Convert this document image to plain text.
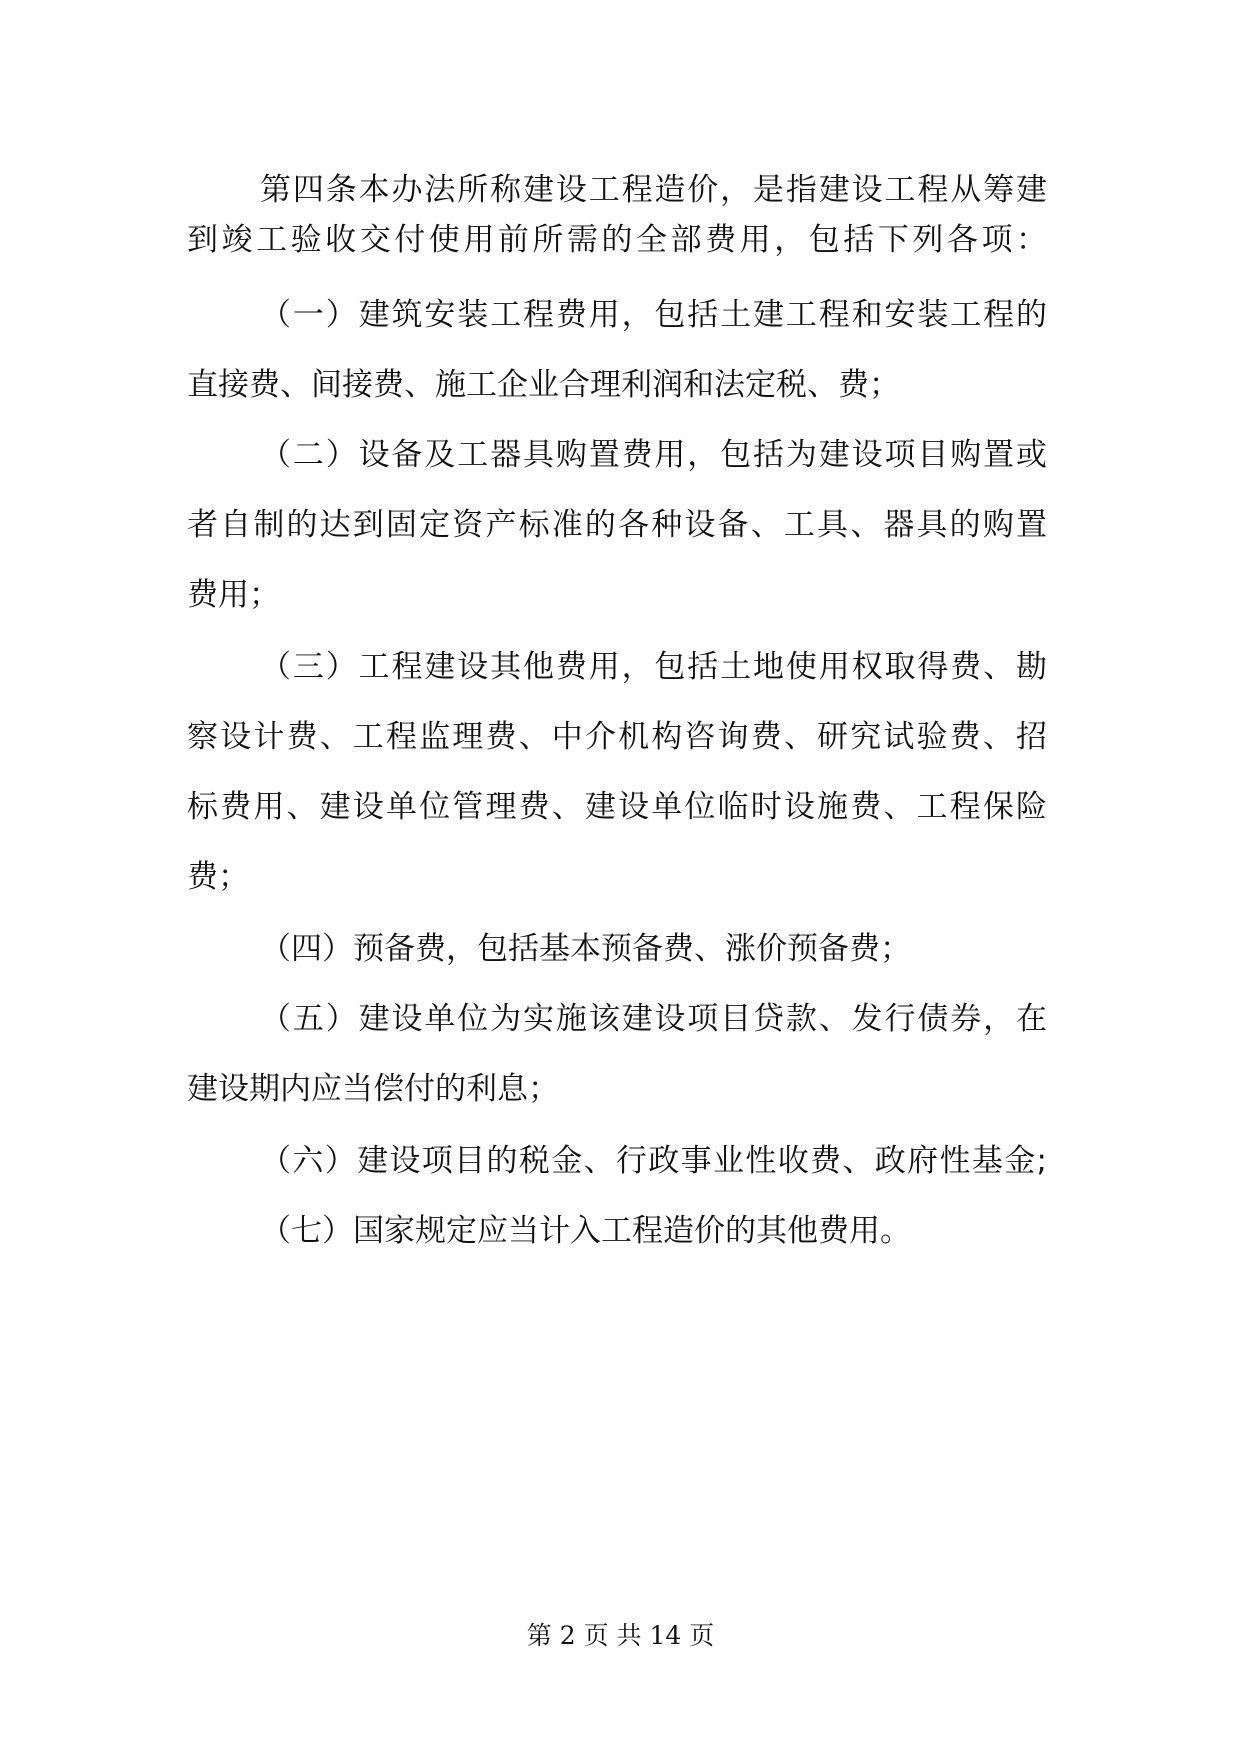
第四条本办法所称建设工程造价，是指建设工程从筹建
到竣工验收交付使用前所需的全部费用，包括下列各项：
（一）建筑安装工程费用，包括土建工程和安装工程的
直接费、间接费、施工企业合理利润和法定税、费；
（二）设备及工器具购置费用，包括为建设项目购置或
者自制的达到固定资产标准的各种设备、工具、器具的购置
费用；
（三）工程建设其他费用，包括土地使用权取得费、勘
察设计费、工程监理费、中介机构咨询费、研究试验费、招
标费用、建设单位管理费、建设单位临时设施费、工程保险
费；
（四）预备费，包括基本预备费、涨价预备费；
（五）建设单位为实施该建设项目贷款、发行债券，在
建设期内应当偿付的利息；
（六）建设项目的税金、行政事业性收费、政府性基金;
（七）国家规定应当计入工程造价的其他费用。
第 2 页 共 14 页
